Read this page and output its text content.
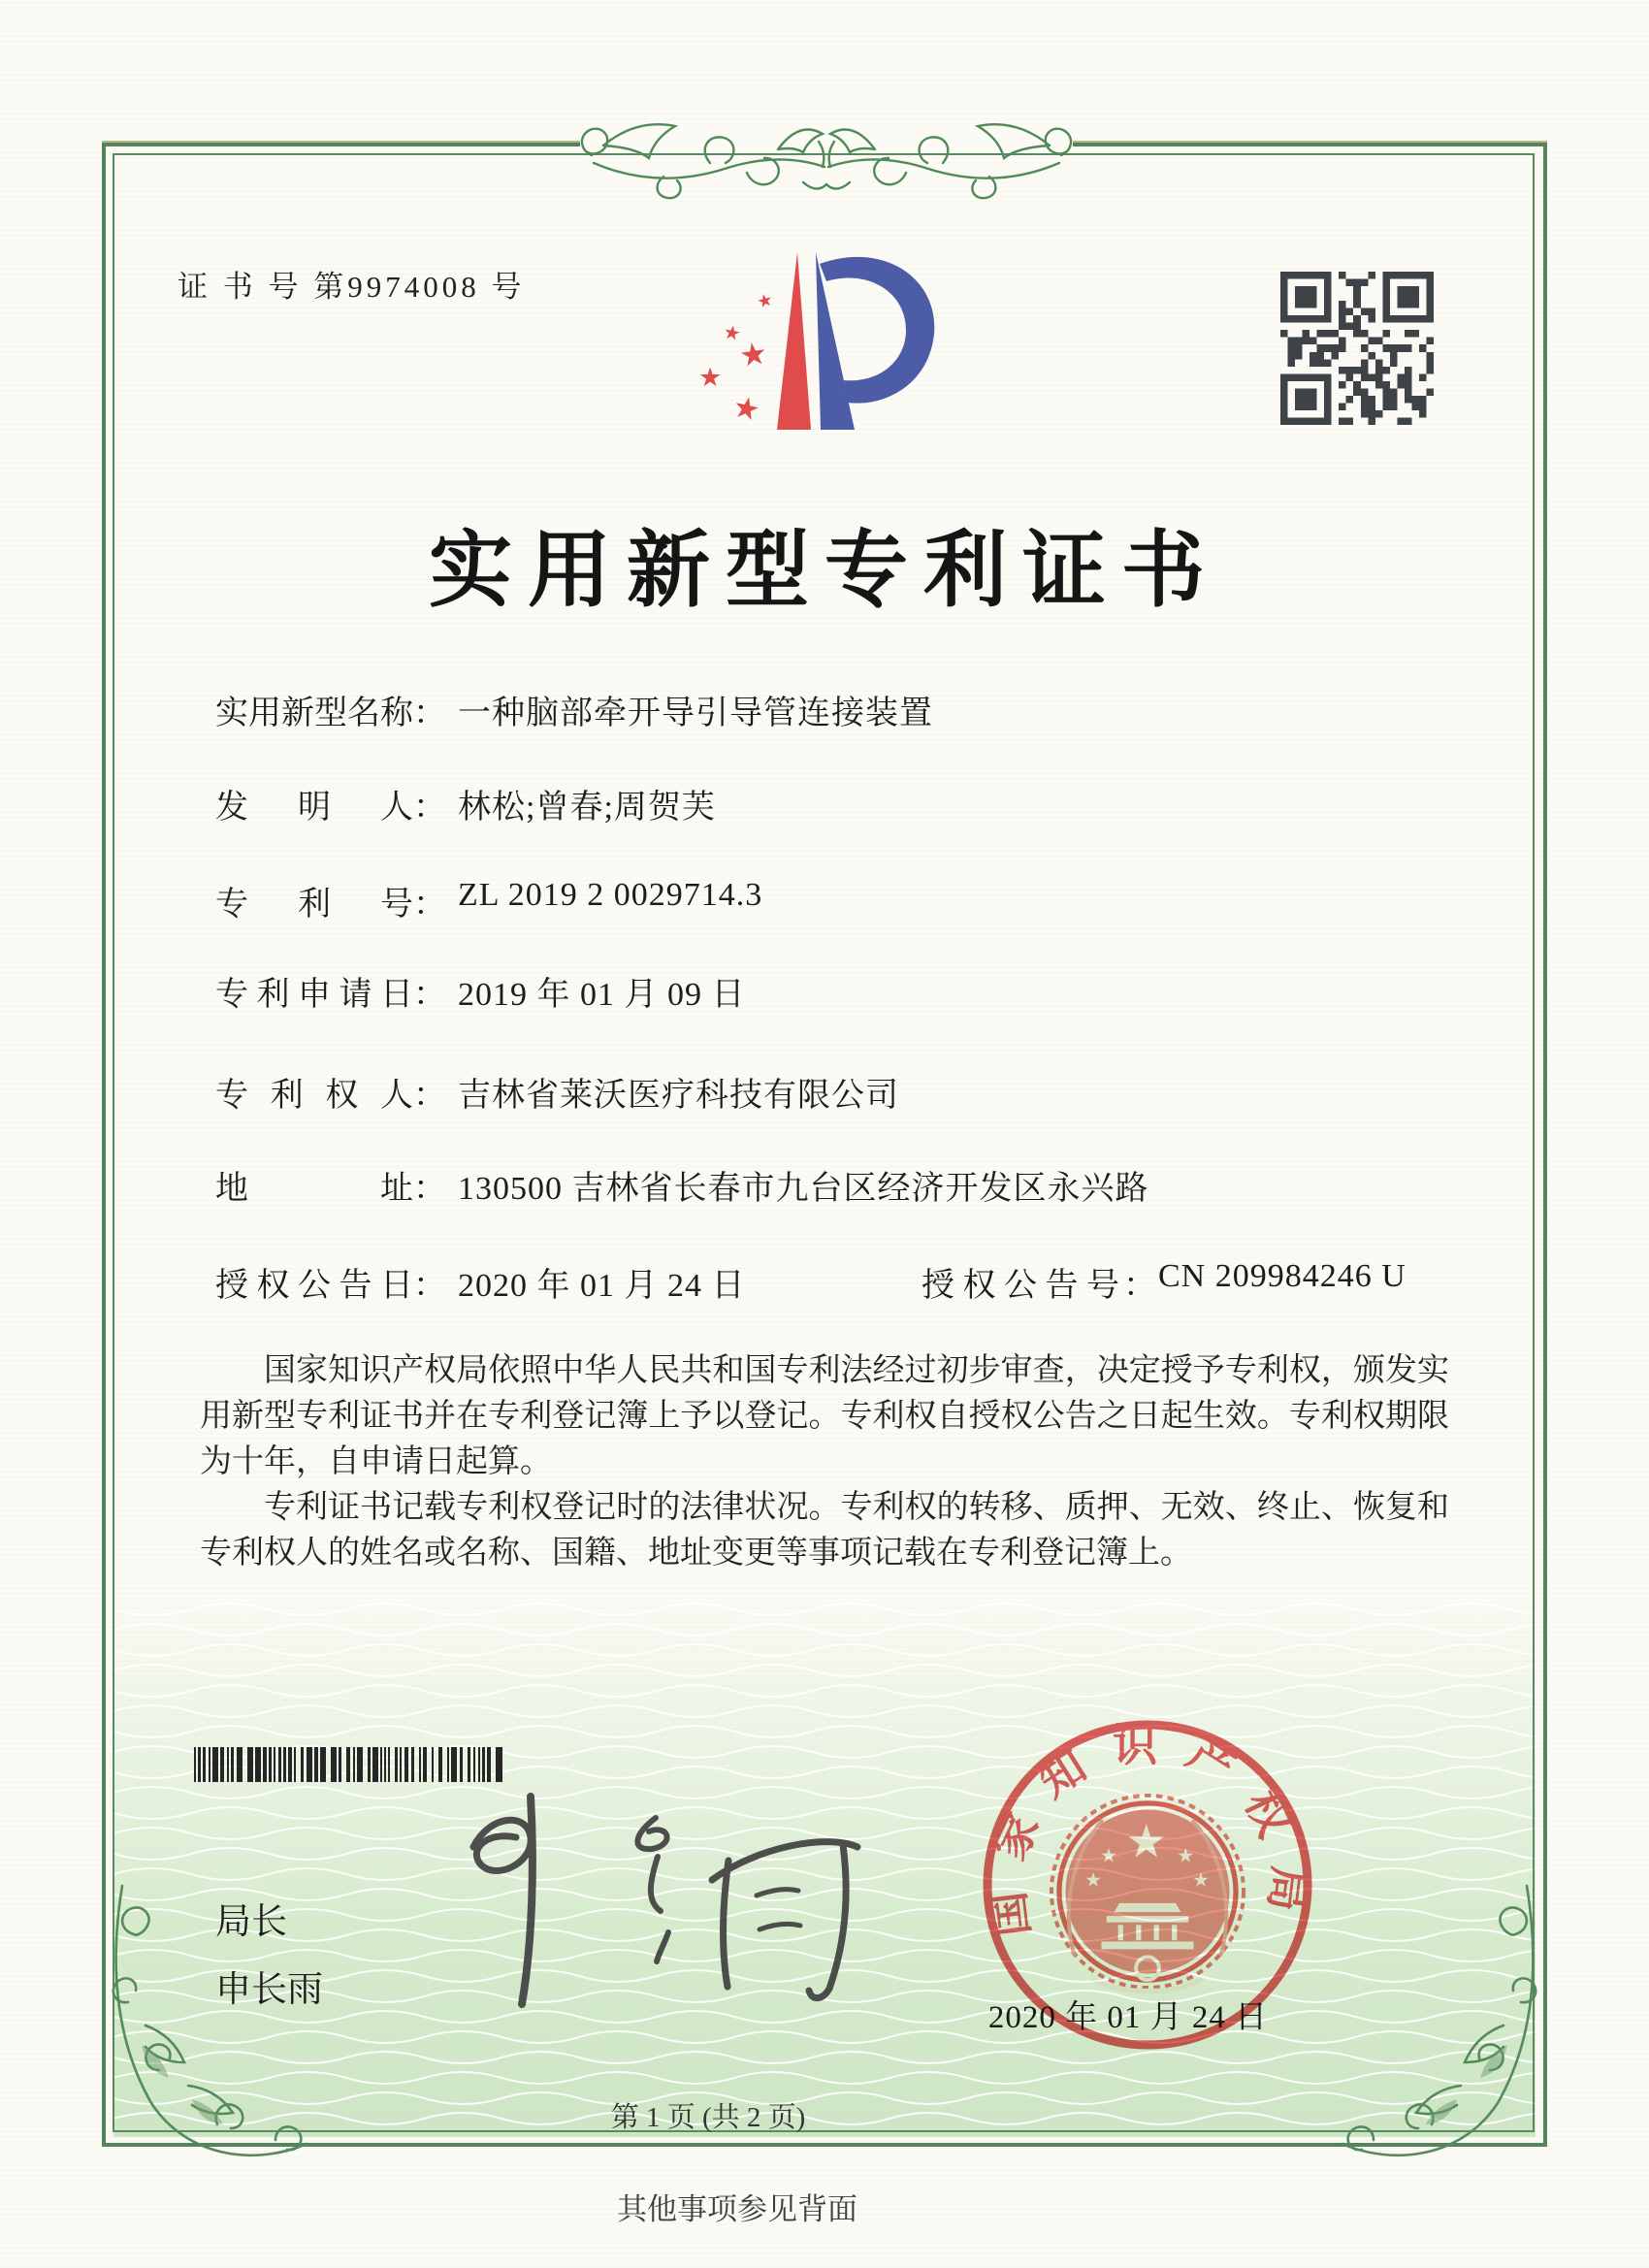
证 书 号 第9974008 号	★
★
★
★
★
实用新型专利证书
实用新型名称： 一种脑部牵开导引导管连接装置
发明人： 林松;曾春;周贺芙
专利号： ZL 2019 2 0029714.3
专利申请日： 2019 年 01 月 09 日
专利权人： 吉林省莱沃医疗科技有限公司
地址： 130500 吉林省长春市九台区经济开发区永兴路
授权公告日： 2020 年 01 月 24 日	授权公告号 ： CN 209984246 U

国家知识产权局依照中华人民共和国专利法经过初步审查，决定授予专利权，颁发实用新型专利证书并在专利登记簿上予以登记。专利权自授权公告之日起生效。专利权期限为十年，自申请日起算。

专利证书记载专利权登记时的法律状况。专利权的转移、质押、无效、终止、恢复和专利权人的姓名或名称、国籍、地址变更等事项记载在专利登记簿上。

局长
申长雨
国家知识产权局
★
★	★
★	★
2020 年 01 月 24 日
第 1 页 (共 2 页)
其他事项参见背面
